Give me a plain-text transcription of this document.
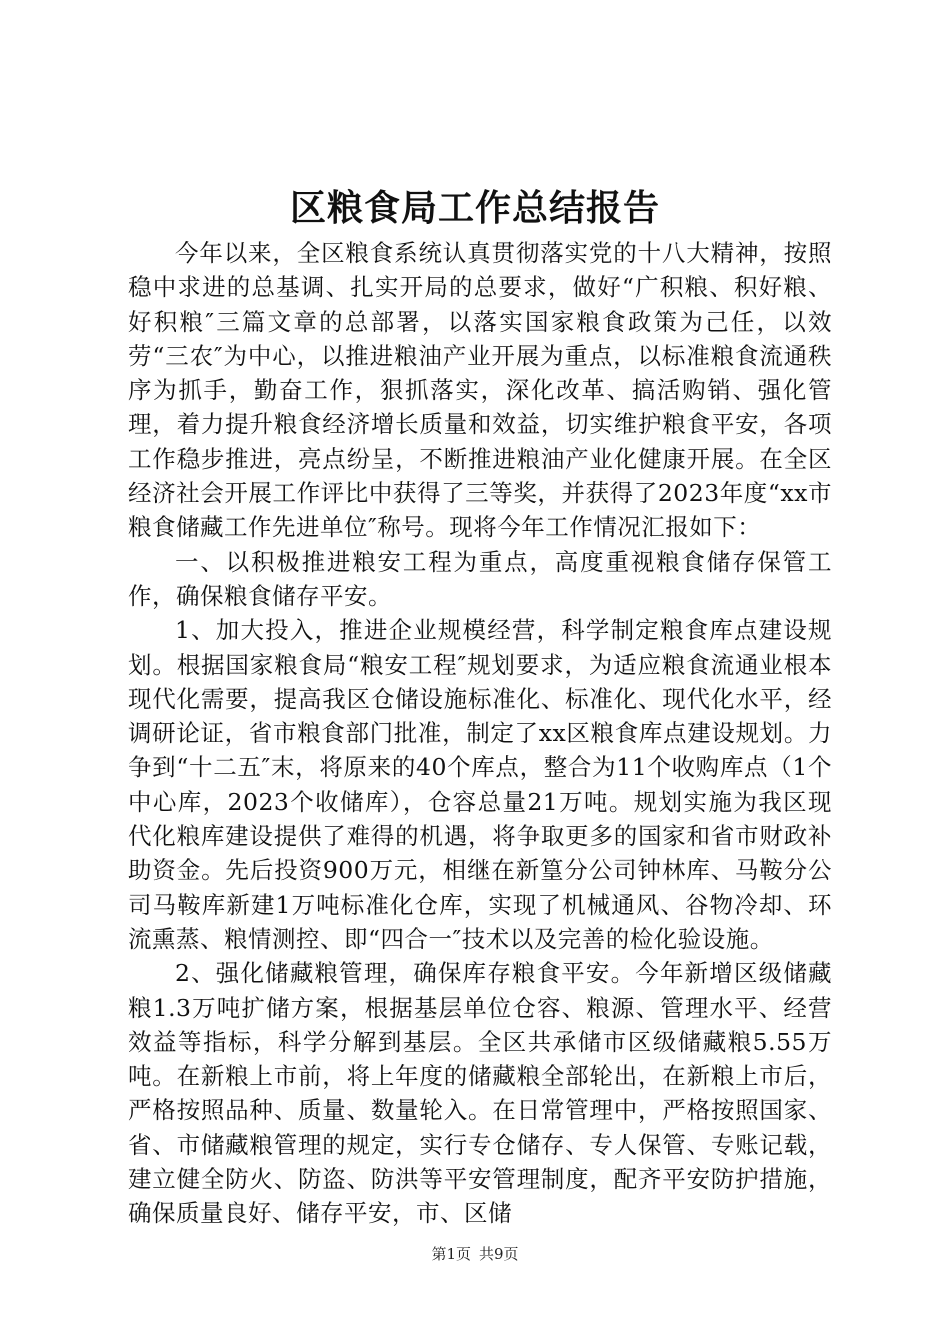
区粮食局工作总结报告

今年以来，全区粮食系统认真贯彻落实党的十八大精神，按照稳中求进的总基调、扎实开局的总要求，做好“广积粮、积好粮、好积粮″三篇文章的总部署，以落实国家粮食政策为己任，以效劳“三农″为中心，以推进粮油产业开展为重点，以标准粮食流通秩序为抓手，勤奋工作，狠抓落实，深化改革、搞活购销、强化管理，着力提升粮食经济增长质量和效益，切实维护粮食平安，各项工作稳步推进，亮点纷呈，不断推进粮油产业化健康开展。在全区经济社会开展工作评比中获得了三等奖，并获得了2023年度“xx市粮食储藏工作先进单位″称号。现将今年工作情况汇报如下：

一、以积极推进粮安工程为重点，高度重视粮食储存保管工作，确保粮食储存平安。

1、加大投入，推进企业规模经营，科学制定粮食库点建设规划。根据国家粮食局“粮安工程″规划要求，为适应粮食流通业根本现代化需要，提高我区仓储设施标准化、标准化、现代化水平，经调研论证，省市粮食部门批准，制定了xx区粮食库点建设规划。力争到“十二五″末，将原来的40个库点，整合为11个收购库点（1个中心库，2023个收储库），仓容总量21万吨。规划实施为我区现代化粮库建设提供了难得的机遇，将争取更多的国家和省市财政补助资金。先后投资900万元，相继在新篁分公司钟林库、马鞍分公司马鞍库新建1万吨标准化仓库，实现了机械通风、谷物冷却、环流熏蒸、粮情测控、即“四合一″技术以及完善的检化验设施。

2、强化储藏粮管理，确保库存粮食平安。今年新增区级储藏粮1.3万吨扩储方案，根据基层单位仓容、粮源、管理水平、经营效益等指标，科学分解到基层。全区共承储市区级储藏粮5.55万吨。在新粮上市前，将上年度的储藏粮全部轮出，在新粮上市后，严格按照品种、质量、数量轮入。在日常管理中，严格按照国家、省、市储藏粮管理的规定，实行专仓储存、专人保管、专账记载，建立健全防火、防盗、防洪等平安管理制度，配齐平安防护措施，确保质量良好、储存平安，市、区储

第1页 共9页
